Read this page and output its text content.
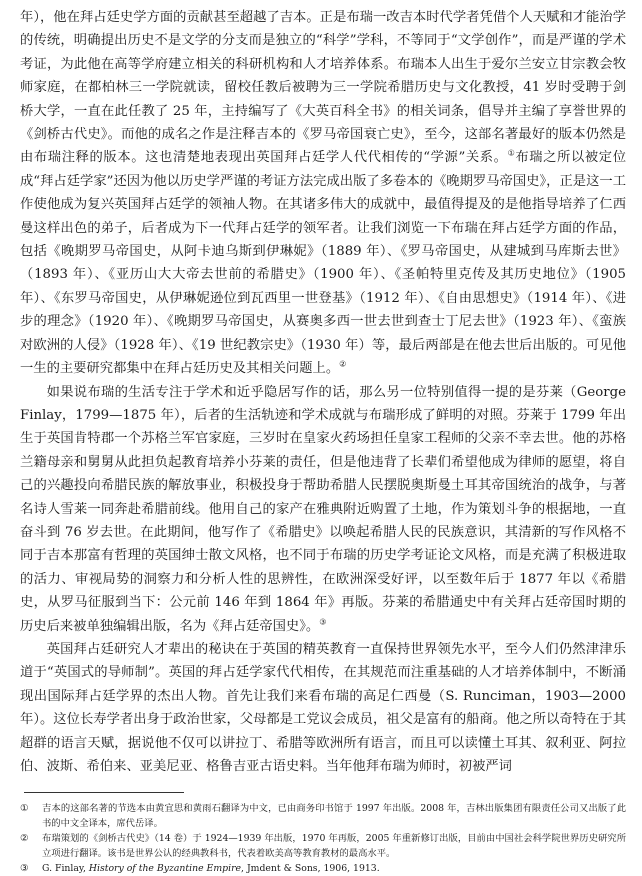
年），他在拜占廷史学方面的贡献甚至超越了吉本。正是布瑞一改吉本时代学者凭借个人天赋和才能治学的传统，明确提出历史不是文学的分支而是独立的“科学”学科，不等同于“文学创作”，而是严谨的学术考证，为此他在高等学府建立相关的科研机构和人才培养体系。布瑞本人出生于爱尔兰安立甘宗教会牧师家庭，在都柏林三一学院就读，留校任教后被聘为三一学院希腊历史与文化教授，41 岁时受聘于剑桥大学，一直在此任教了 25 年，主持编写了《大英百科全书》的相关词条，倡导并主编了享誉世界的《剑桥古代史》。而他的成名之作是注释吉本的《罗马帝国衰亡史》，至今，这部名著最好的版本仍然是由布瑞注释的版本。这也清楚地表现出英国拜占廷学人代代相传的“学源”关系。①布瑞之所以被定位成“拜占廷学家”还因为他以历史学严谨的考证方法完成出版了多卷本的《晚期罗马帝国史》，正是这一工作使他成为复兴英国拜占廷学的领袖人物。在其诸多伟大的成就中，最值得提及的是他指导培养了仁西曼这样出色的弟子，后者成为下一代拜占廷学的领军者。让我们浏览一下布瑞在拜占廷学方面的作品，包括《晚期罗马帝国史，从阿卡迪乌斯到伊琳妮》（1889 年）、《罗马帝国史，从建城到马库斯去世》（1893 年）、《亚历山大大帝去世前的希腊史》（1900 年）、《圣帕特里克传及其历史地位》（1905 年）、《东罗马帝国史，从伊琳妮逊位到瓦西里一世登基》（1912 年）、《自由思想史》（1914 年）、《进步的理念》（1920 年）、《晚期罗马帝国史，从赛奥多西一世去世到查士丁尼去世》（1923 年）、《蛮族对欧洲的人侵》（1928 年）、《19 世纪教宗史》（1930 年）等，最后两部是在他去世后出版的。可见他一生的主要研究都集中在拜占廷历史及其相关问题上。②

如果说布瑞的生活专注于学术和近乎隐居写作的话，那么另一位特别值得一提的是芬莱（George Finlay，1799—1875 年），后者的生活轨迹和学术成就与布瑞形成了鲜明的对照。芬莱于 1799 年出生于英国肯特郡一个苏格兰军官家庭，三岁时在皇家火药场担任皇家工程师的父亲不幸去世。他的苏格兰籍母亲和舅舅从此担负起教育培养小芬莱的责任，但是他违背了长辈们希望他成为律师的愿望，将自己的兴趣投向希腊民族的解放事业，积极投身于帮助希腊人民摆脱奥斯曼土耳其帝国统治的战争，与著名诗人雪莱一同奔赴希腊前线。他用自己的家产在雅典附近购置了土地，作为策划斗争的根据地，一直奋斗到 76 岁去世。在此期间，他写作了《希腊史》以唤起希腊人民的民族意识，其清新的写作风格不同于吉本那富有哲理的英国绅士散文风格，也不同于布瑞的历史学考证论文风格，而是充满了积极进取的活力、审视局势的洞察力和分析人性的思辨性，在欧洲深受好评，以至数年后于 1877 年以《希腊史，从罗马征服到当下：公元前 146 年到 1864 年》再版。芬莱的希腊通史中有关拜占廷帝国时期的历史后来被单独编辑出版，名为《拜占廷帝国史》。③

英国拜占廷研究人才辈出的秘诀在于英国的精英教育一直保持世界领先水平，至今人们仍然津津乐道于“英国式的导师制”。英国的拜占廷学家代代相传，在其规范而注重基础的人才培养体制中，不断涌现出国际拜占廷学界的杰出人物。首先让我们来看布瑞的高足仁西曼（S. Runciman，1903—2000 年）。这位长寿学者出身于政治世家，父母都是工党议会成员，祖父是富有的船商。他之所以奇特在于其超群的语言天赋，据说他不仅可以讲拉丁、希腊等欧洲所有语言，而且可以读懂土耳其、叙利亚、阿拉伯、波斯、希伯来、亚美尼亚、格鲁吉亚古语史料。当年他拜布瑞为师时，初被严词

①	吉本的这部名著的节选本由黄宜思和黄雨石翻译为中文，已由商务印书馆于 1997 年出版。2008 年，吉林出版集团有限责任公司又出版了此书的中文全译本，席代岳译。
②	布瑞策划的《剑桥古代史》（14 卷）于 1924—1939 年出版，1970 年再版，2005 年重新修订出版，目前由中国社会科学院世界历史研究所立项进行翻译。该书是世界公认的经典教科书，代表着欧美高等教育教材的最高水平。
③	G. Finlay, History of the Byzantine Empire, Jmdent & Sons, 1906, 1913.
